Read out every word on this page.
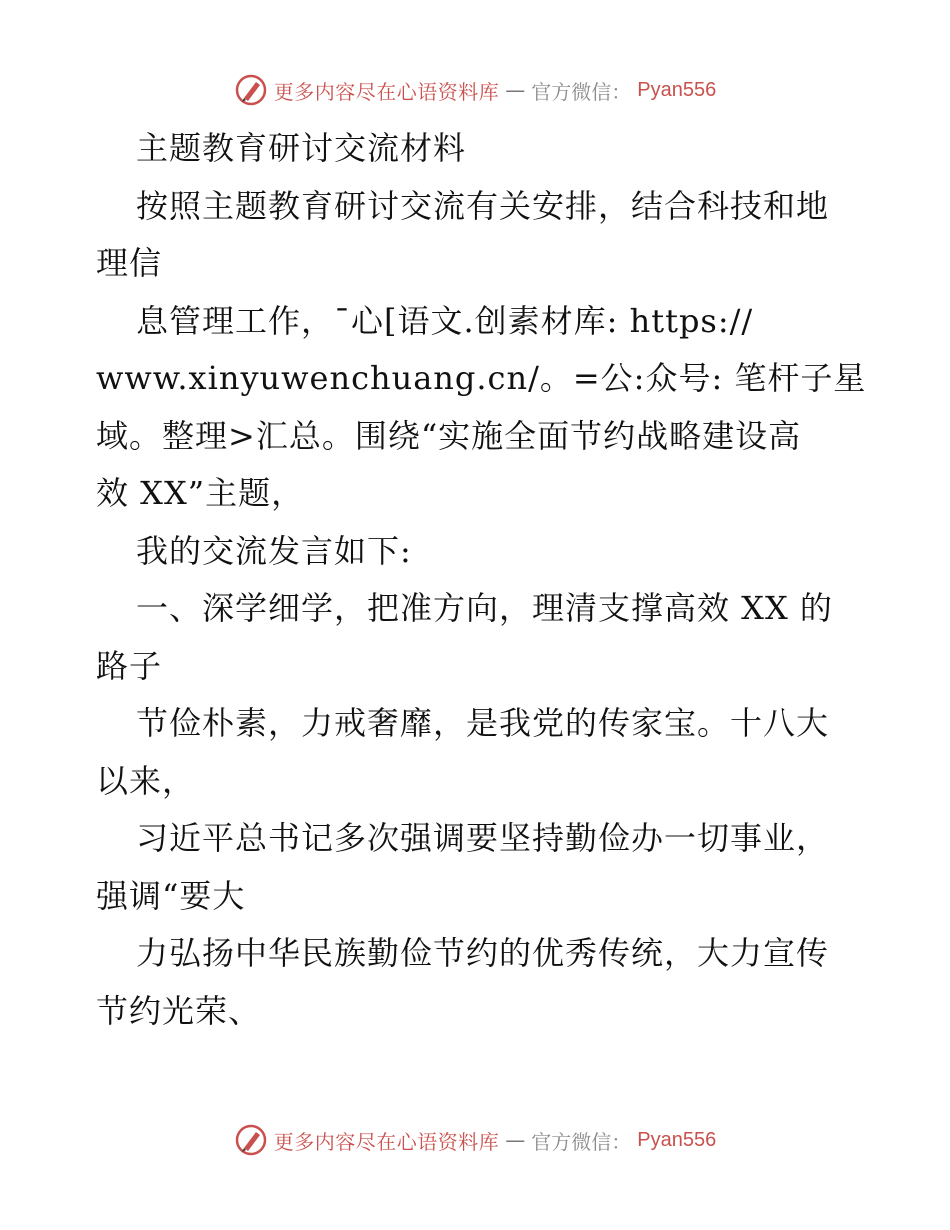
更多内容尽在心语资料库 — 官方微信： Pyan556
主题教育研讨交流材料
按照主题教育研讨交流有关安排，结合科技和地
理信
息管理工作，¯心[语文.创素材库: https://
www.xinyuwenchuang.cn/。=公:众号: 笔杆子星
域。整理>汇总。围绕“实施全面节约战略建设高
效 XX”主题，
我的交流发言如下:
一、深学细学，把准方向，理清支撑高效 XX 的
路子
节俭朴素，力戒奢靡，是我党的传家宝。十八大
以来，
习近平总书记多次强调要坚持勤俭办一切事业，
强调“要大
力弘扬中华民族勤俭节约的优秀传统，大力宣传
节约光荣、
更多内容尽在心语资料库 — 官方微信： Pyan556
